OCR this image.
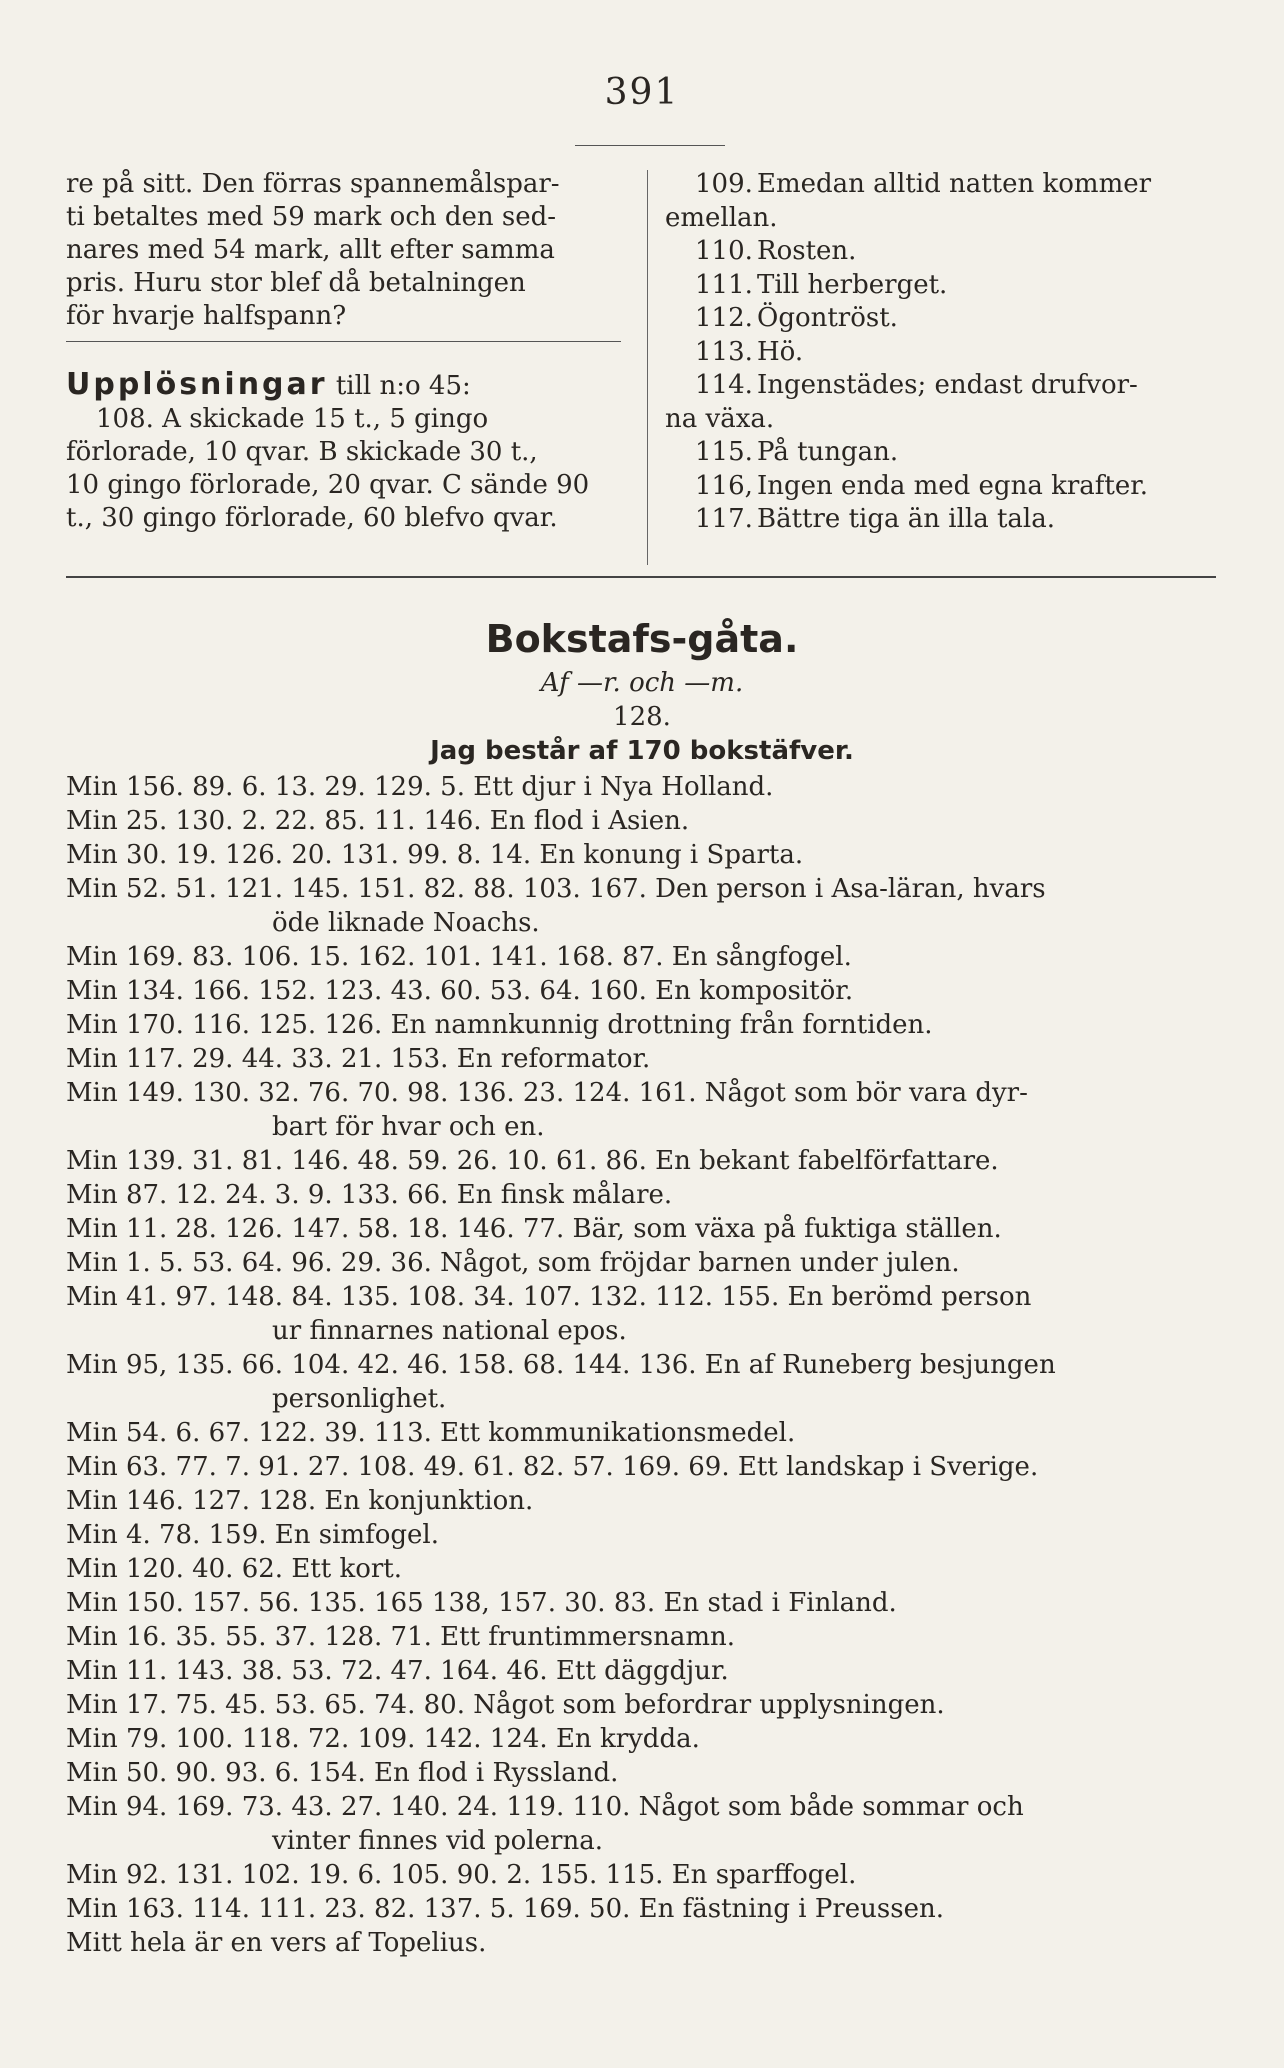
391
re på sitt. Den förras spannemålspar-
ti betaltes med 59 mark och den sed-
nares med 54 mark, allt efter samma
pris. Huru stor blef då betalningen
för hvarje halfspann?
Upplösningar till n:o 45:
108. A skickade 15 t., 5 gingo
förlorade, 10 qvar. B skickade 30 t.,
10 gingo förlorade, 20 qvar. C sände 90
t., 30 gingo förlorade, 60 blefvo qvar.
109. Emedan alltid natten kommer
emellan.
110. Rosten.
111. Till herberget.
112. Ögontröst.
113. Hö.
114. Ingenstädes; endast drufvor-
na växa.
115. På tungan.
116, Ingen enda med egna krafter.
117. Bättre tiga än illa tala.
Bokstafs-gåta.
Af —r. och —m.
128.
Jag består af 170 bokstäfver.
Min 156. 89. 6. 13. 29. 129. 5. Ett djur i Nya Holland.
Min 25. 130. 2. 22. 85. 11. 146. En flod i Asien.
Min 30. 19. 126. 20. 131. 99. 8. 14. En konung i Sparta.
Min 52. 51. 121. 145. 151. 82. 88. 103. 167. Den person i Asa-läran, hvars
öde liknade Noachs.
Min 169. 83. 106. 15. 162. 101. 141. 168. 87. En sångfogel.
Min 134. 166. 152. 123. 43. 60. 53. 64. 160. En kompositör.
Min 170. 116. 125. 126. En namnkunnig drottning från forntiden.
Min 117. 29. 44. 33. 21. 153. En reformator.
Min 149. 130. 32. 76. 70. 98. 136. 23. 124. 161. Något som bör vara dyr-
bart för hvar och en.
Min 139. 31. 81. 146. 48. 59. 26. 10. 61. 86. En bekant fabelförfattare.
Min 87. 12. 24. 3. 9. 133. 66. En finsk målare.
Min 11. 28. 126. 147. 58. 18. 146. 77. Bär, som växa på fuktiga ställen.
Min 1. 5. 53. 64. 96. 29. 36. Något, som fröjdar barnen under julen.
Min 41. 97. 148. 84. 135. 108. 34. 107. 132. 112. 155. En berömd person
ur finnarnes national epos.
Min 95, 135. 66. 104. 42. 46. 158. 68. 144. 136. En af Runeberg besjungen
personlighet.
Min 54. 6. 67. 122. 39. 113. Ett kommunikationsmedel.
Min 63. 77. 7. 91. 27. 108. 49. 61. 82. 57. 169. 69. Ett landskap i Sverige.
Min 146. 127. 128. En konjunktion.
Min 4. 78. 159. En simfogel.
Min 120. 40. 62. Ett kort.
Min 150. 157. 56. 135. 165 138, 157. 30. 83. En stad i Finland.
Min 16. 35. 55. 37. 128. 71. Ett fruntimmersnamn.
Min 11. 143. 38. 53. 72. 47. 164. 46. Ett däggdjur.
Min 17. 75. 45. 53. 65. 74. 80. Något som befordrar upplysningen.
Min 79. 100. 118. 72. 109. 142. 124. En krydda.
Min 50. 90. 93. 6. 154. En flod i Ryssland.
Min 94. 169. 73. 43. 27. 140. 24. 119. 110. Något som både sommar och
vinter finnes vid polerna.
Min 92. 131. 102. 19. 6. 105. 90. 2. 155. 115. En sparffogel.
Min 163. 114. 111. 23. 82. 137. 5. 169. 50. En fästning i Preussen.
Mitt hela är en vers af Topelius.
